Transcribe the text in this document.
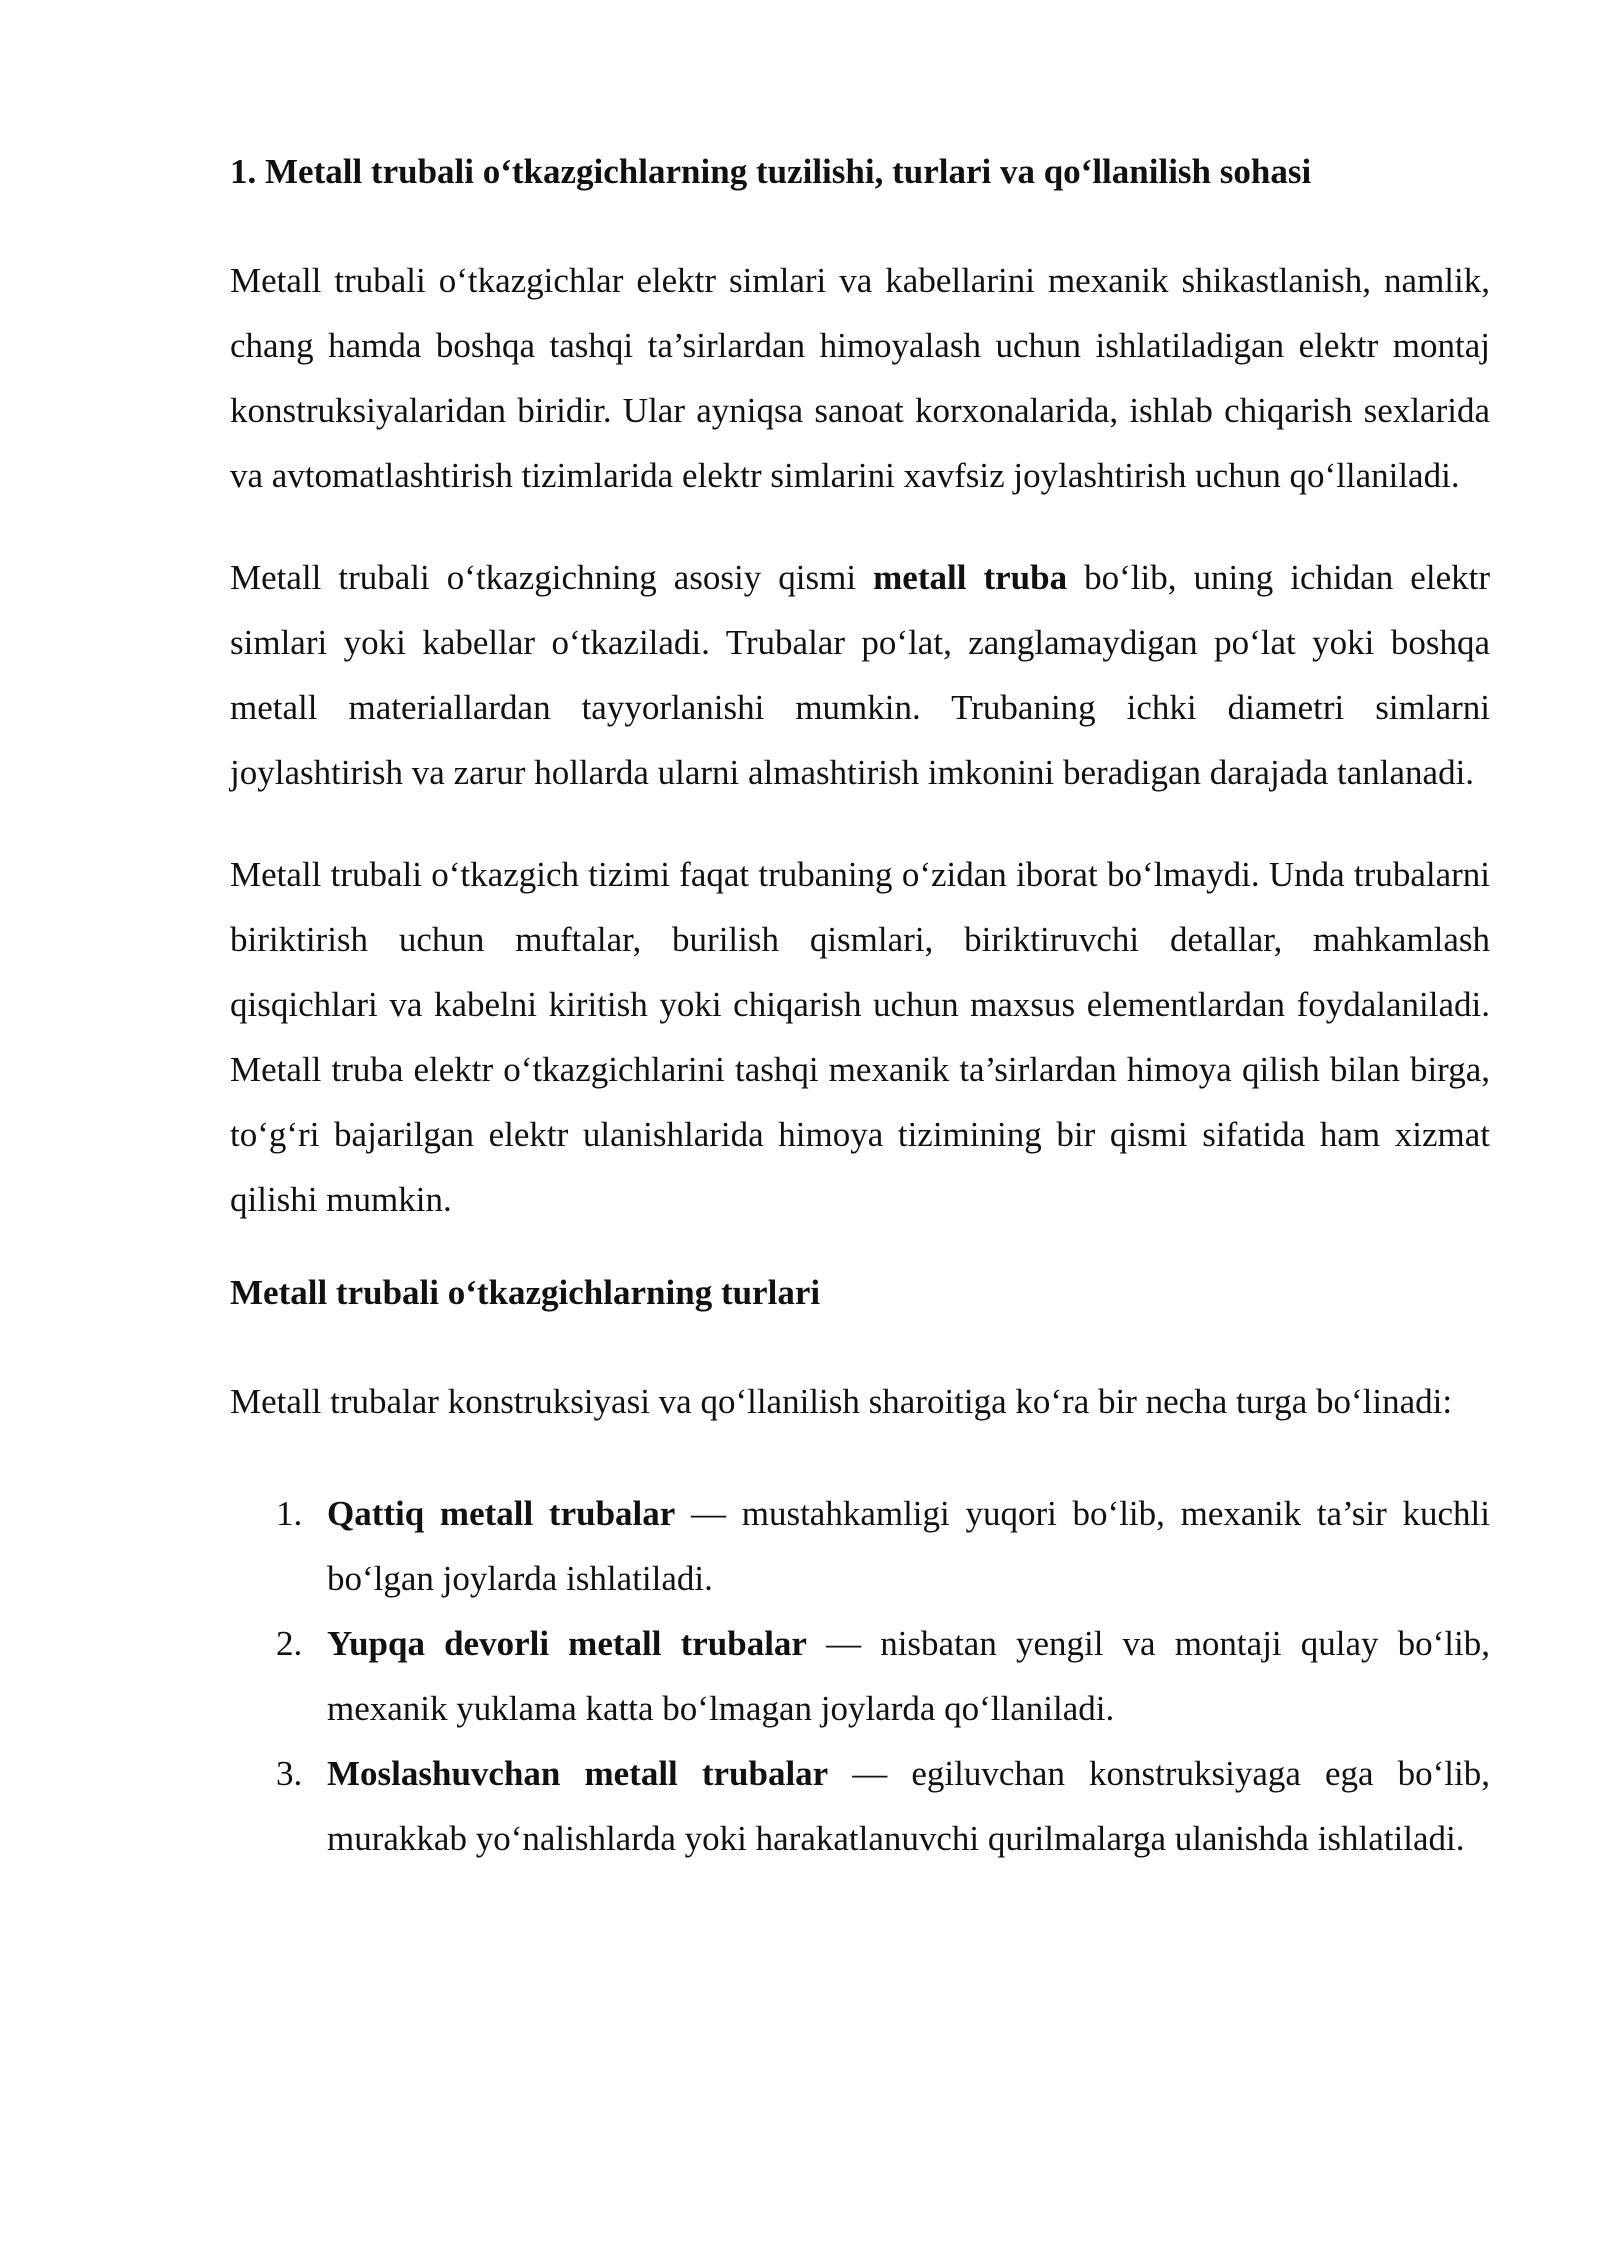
1. Metall trubali o‘tkazgichlarning tuzilishi, turlari va qo‘llanilish sohasi

Metall trubali o‘tkazgichlar elektr simlari va kabellarini mexanik shikastlanish, namlik, chang hamda boshqa tashqi ta’sirlardan himoyalash uchun ishlatiladigan elektr montaj konstruksiyalaridan biridir. Ular ayniqsa sanoat korxonalarida, ishlab chiqarish sexlarida va avtomatlashtirish tizimlarida elektr simlarini xavfsiz joylashtirish uchun qo‘llaniladi.

Metall trubali o‘tkazgichning asosiy qismi metall truba bo‘lib, uning ichidan elektr simlari yoki kabellar o‘tkaziladi. Trubalar po‘lat, zanglamaydigan po‘lat yoki boshqa metall materiallardan tayyorlanishi mumkin. Trubaning ichki diametri simlarni joylashtirish va zarur hollarda ularni almashtirish imkonini beradigan darajada tanlanadi.

Metall trubali o‘tkazgich tizimi faqat trubaning o‘zidan iborat bo‘lmaydi. Unda trubalarni biriktirish uchun muftalar, burilish qismlari, biriktiruvchi detallar, mahkamlash qisqichlari va kabelni kiritish yoki chiqarish uchun maxsus elementlardan foydalaniladi. Metall truba elektr o‘tkazgichlarini tashqi mexanik ta’sirlardan himoya qilish bilan birga, to‘g‘ri bajarilgan elektr ulanishlarida himoya tizimining bir qismi sifatida ham xizmat qilishi mumkin.

Metall trubali o‘tkazgichlarning turlari

Metall trubalar konstruksiyasi va qo‘llanilish sharoitiga ko‘ra bir necha turga bo‘linadi:

1. Qattiq metall trubalar — mustahkamligi yuqori bo‘lib, mexanik ta’sir kuchli bo‘lgan joylarda ishlatiladi.
2. Yupqa devorli metall trubalar — nisbatan yengil va montaji qulay bo‘lib, mexanik yuklama katta bo‘lmagan joylarda qo‘llaniladi.
3. Moslashuvchan metall trubalar — egiluvchan konstruksiyaga ega bo‘lib, murakkab yo‘nalishlarda yoki harakatlanuvchi qurilmalarga ulanishda ishlatiladi.
